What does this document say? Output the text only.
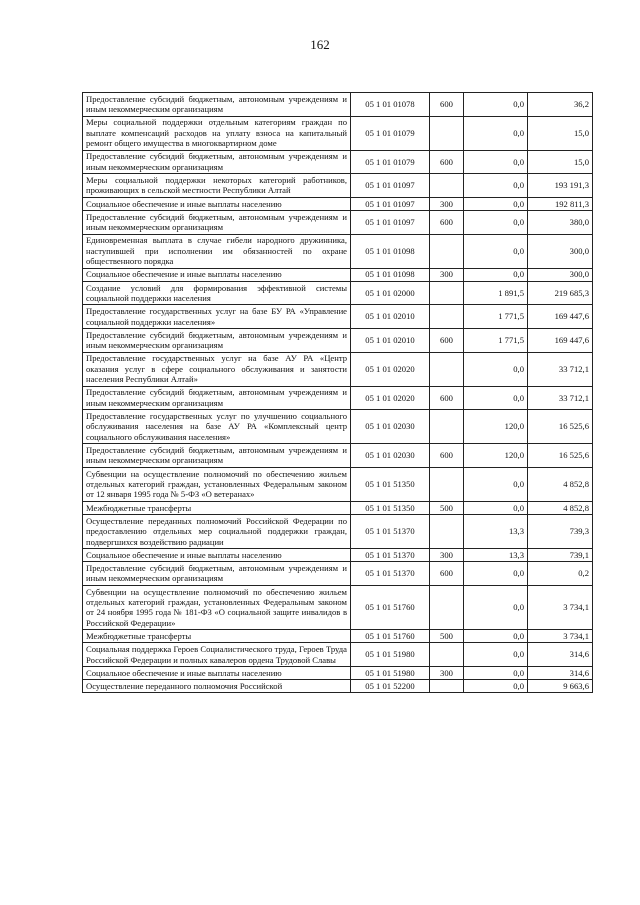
162
Предоставление субсидий бюджетным, автономным учреждениям и иным некоммерческим организациям	05 1 01 01078	600	0,0	36,2
Меры социальной поддержки отдельным категориям граждан по выплате компенсаций расходов на уплату взноса на капитальный ремонт общего имущества в многоквартирном доме	05 1 01 01079		0,0	15,0
Предоставление субсидий бюджетным, автономным учреждениям и иным некоммерческим организациям	05 1 01 01079	600	0,0	15,0
Меры социальной поддержки некоторых категорий работников, проживающих в сельской местности Республики Алтай	05 1 01 01097		0,0	193 191,3
Социальное обеспечение и иные выплаты населению	05 1 01 01097	300	0,0	192 811,3
Предоставление субсидий бюджетным, автономным учреждениям и иным некоммерческим организациям	05 1 01 01097	600	0,0	380,0
Единовременная выплата в случае гибели народного дружинника, наступившей при исполнении им обязанностей по охране общественного порядка	05 1 01 01098		0,0	300,0
Социальное обеспечение и иные выплаты населению	05 1 01 01098	300	0,0	300,0
Создание условий для формирования эффективной системы социальной поддержки населения	05 1 01 02000		1 891,5	219 685,3
Предоставление государственных услуг на базе БУ РА «Управление социальной поддержки населения»	05 1 01 02010		1 771,5	169 447,6
Предоставление субсидий бюджетным, автономным учреждениям и иным некоммерческим организациям	05 1 01 02010	600	1 771,5	169 447,6
Предоставление государственных услуг на базе АУ РА «Центр оказания услуг в сфере социального обслуживания и занятости населения Республики Алтай»	05 1 01 02020		0,0	33 712,1
Предоставление субсидий бюджетным, автономным учреждениям и иным некоммерческим организациям	05 1 01 02020	600	0,0	33 712,1
Предоставление государственных услуг по улучшению социального обслуживания населения на базе АУ РА «Комплексный центр социального обслуживания населения»	05 1 01 02030		120,0	16 525,6
Предоставление субсидий бюджетным, автономным учреждениям и иным некоммерческим организациям	05 1 01 02030	600	120,0	16 525,6
Субвенции на осуществление полномочий по обеспечению жильем отдельных категорий граждан, установленных Федеральным законом от 12 января 1995 года № 5-ФЗ «О ветеранах»	05 1 01 51350		0,0	4 852,8
Межбюджетные трансферты	05 1 01 51350	500	0,0	4 852,8
Осуществление переданных полномочий Российской Федерации по предоставлению отдельных мер социальной поддержки граждан, подвергшихся воздействию радиации	05 1 01 51370		13,3	739,3
Социальное обеспечение и иные выплаты населению	05 1 01 51370	300	13,3	739,1
Предоставление субсидий бюджетным, автономным учреждениям и иным некоммерческим организациям	05 1 01 51370	600	0,0	0,2
Субвенции на осуществление полномочий по обеспечению жильем отдельных категорий граждан, установленных Федеральным законом от 24 ноября 1995 года № 181-ФЗ «О социальной защите инвалидов в Российской Федерации»	05 1 01 51760		0,0	3 734,1
Межбюджетные трансферты	05 1 01 51760	500	0,0	3 734,1
Социальная поддержка Героев Социалистического труда, Героев Труда Российской Федерации и полных кавалеров ордена Трудовой Славы	05 1 01 51980		0,0	314,6
Социальное обеспечение и иные выплаты населению	05 1 01 51980	300	0,0	314,6
Осуществление переданного полномочия Российской	05 1 01 52200		0,0	9 663,6
